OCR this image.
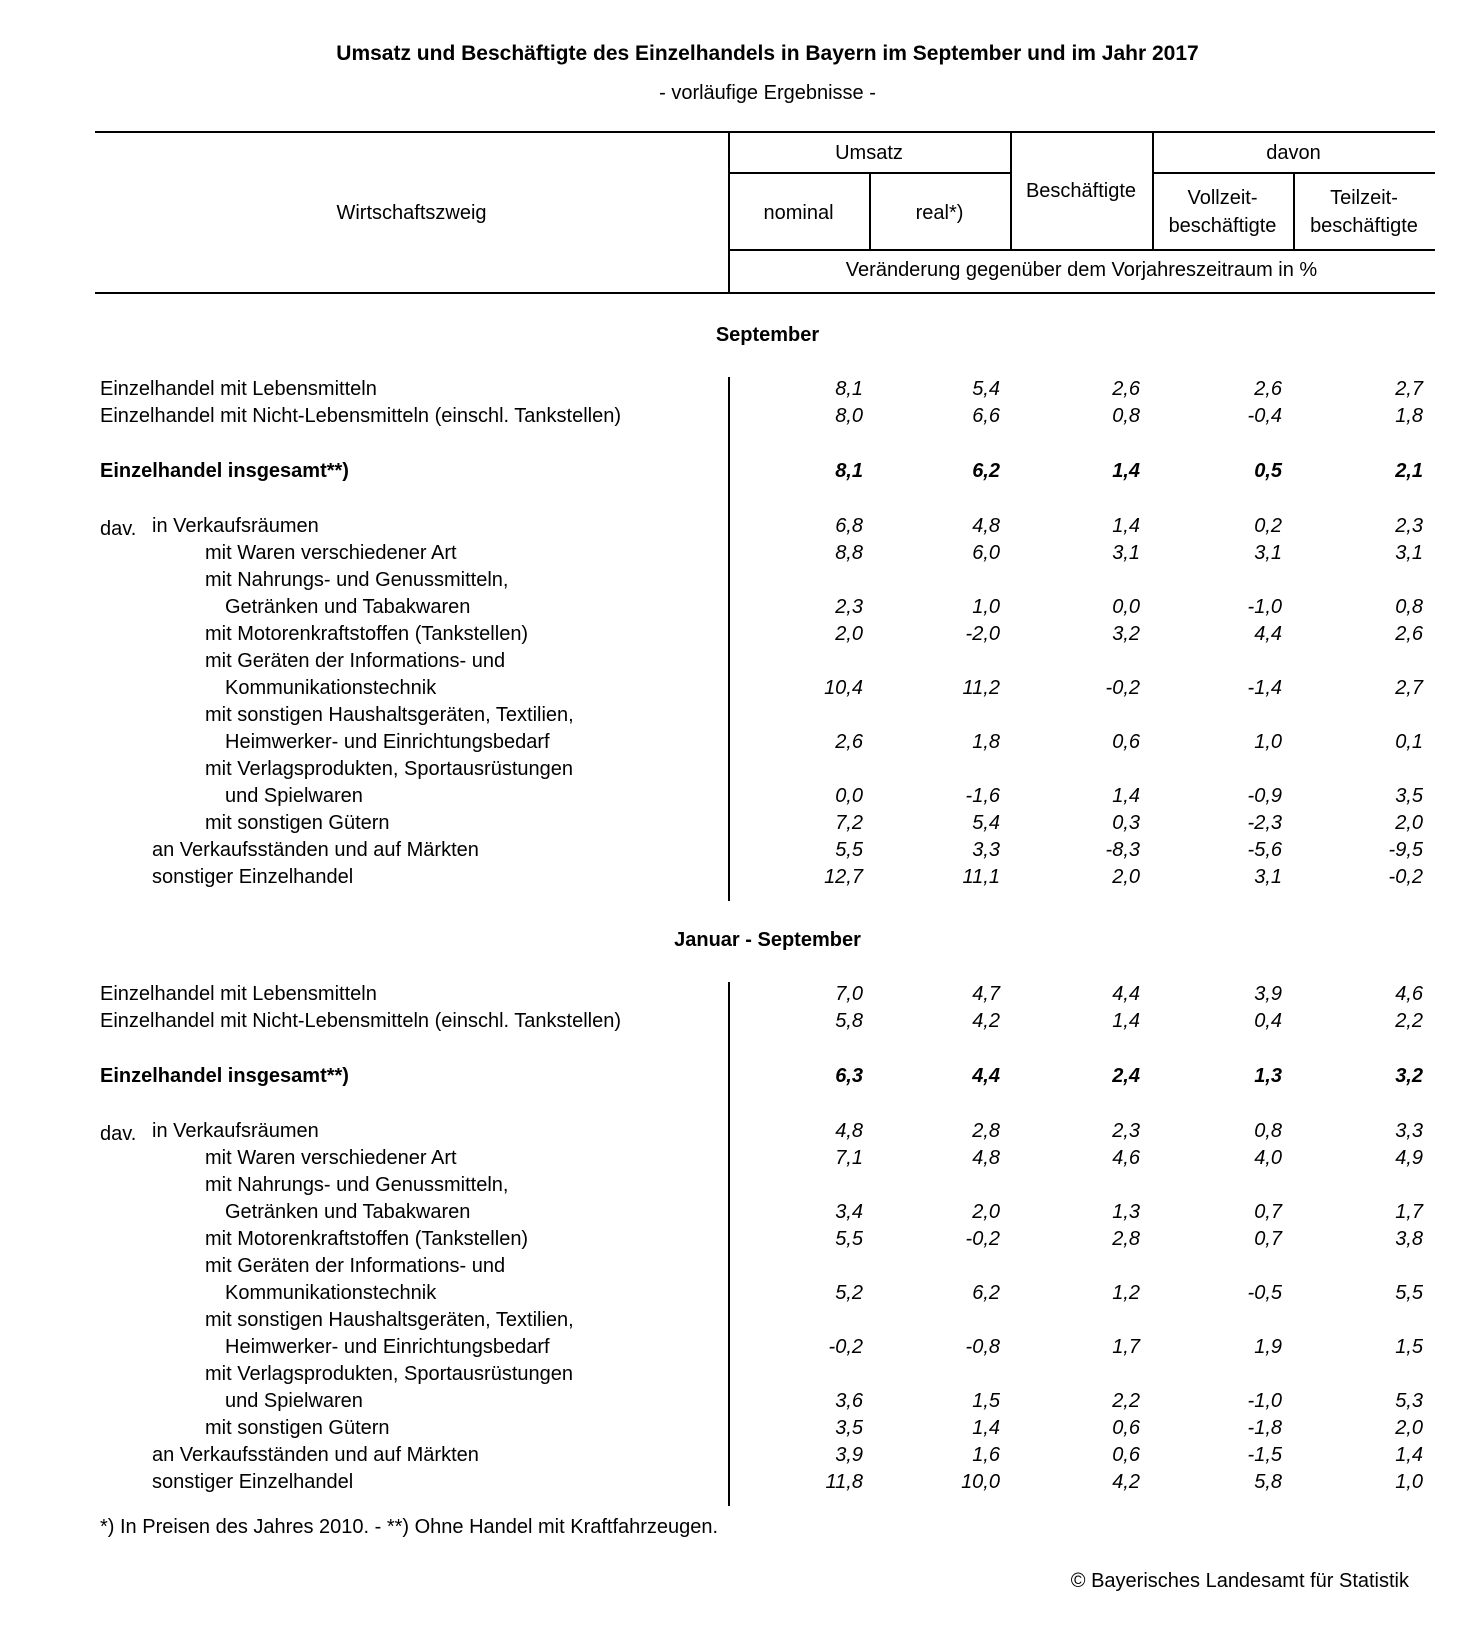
Umsatz und Beschäftigte des Einzelhandels in Bayern im September und im Jahr 2017
- vorläufige Ergebnisse -
Wirtschaftszweig
Umsatz
nominal	real*)
Beschäftigte
davon
Vollzeit-
beschäftigte
Teilzeit-
beschäftigte
Veränderung gegenüber dem Vorjahreszeitraum in %
September
Januar - September
Einzelhandel mit Lebensmitteln	8,1	5,4	2,6	2,6	2,7
Einzelhandel mit Nicht-Lebensmitteln (einschl. Tankstellen)	8,0	6,6	0,8	-0,4	1,8
Einzelhandel insgesamt**)	8,1	6,2	1,4	0,5	2,1
dav. in Verkaufsräumen	6,8	4,8	1,4	0,2	2,3
mit Waren verschiedener Art	8,8	6,0	3,1	3,1	3,1
mit Nahrungs- und Genussmitteln,
Getränken und Tabakwaren	2,3	1,0	0,0	-1,0	0,8
mit Motorenkraftstoffen (Tankstellen)	2,0	-2,0	3,2	4,4	2,6
mit Geräten der Informations- und
Kommunikationstechnik	10,4	11,2	-0,2	-1,4	2,7
mit sonstigen Haushaltsgeräten, Textilien,
Heimwerker- und Einrichtungsbedarf	2,6	1,8	0,6	1,0	0,1
mit Verlagsprodukten, Sportausrüstungen
und Spielwaren	0,0	-1,6	1,4	-0,9	3,5
mit sonstigen Gütern	7,2	5,4	0,3	-2,3	2,0
an Verkaufsständen und auf Märkten	5,5	3,3	-8,3	-5,6	-9,5
sonstiger Einzelhandel	12,7	11,1	2,0	3,1	-0,2
Einzelhandel mit Lebensmitteln	7,0	4,7	4,4	3,9	4,6
Einzelhandel mit Nicht-Lebensmitteln (einschl. Tankstellen)	5,8	4,2	1,4	0,4	2,2
Einzelhandel insgesamt**)	6,3	4,4	2,4	1,3	3,2
dav. in Verkaufsräumen	4,8	2,8	2,3	0,8	3,3
mit Waren verschiedener Art	7,1	4,8	4,6	4,0	4,9
mit Nahrungs- und Genussmitteln,
Getränken und Tabakwaren	3,4	2,0	1,3	0,7	1,7
mit Motorenkraftstoffen (Tankstellen)	5,5	-0,2	2,8	0,7	3,8
mit Geräten der Informations- und
Kommunikationstechnik	5,2	6,2	1,2	-0,5	5,5
mit sonstigen Haushaltsgeräten, Textilien,
Heimwerker- und Einrichtungsbedarf	-0,2	-0,8	1,7	1,9	1,5
mit Verlagsprodukten, Sportausrüstungen
und Spielwaren	3,6	1,5	2,2	-1,0	5,3
mit sonstigen Gütern	3,5	1,4	0,6	-1,8	2,0
an Verkaufsständen und auf Märkten	3,9	1,6	0,6	-1,5	1,4
sonstiger Einzelhandel	11,8	10,0	4,2	5,8	1,0
*) In Preisen des Jahres 2010. - **) Ohne Handel mit Kraftfahrzeugen.
© Bayerisches Landesamt für Statistik
